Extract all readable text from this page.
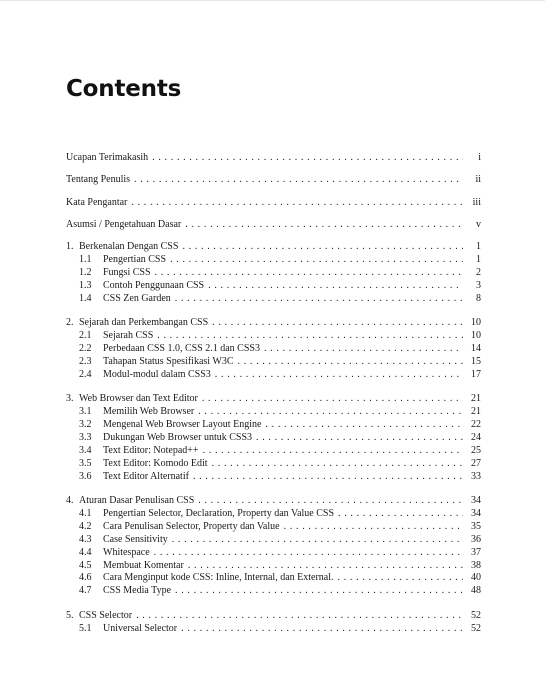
Contents
Ucapan Terimakasih . . .	i
Tentang Penulis . . .	ii
Kata Pengantar . . .	iii
Asumsi / Pengetahuan Dasar . . .	v
1. Berkenalan Dengan CSS . . .	1
1.1	Pengertian CSS . . .	1
1.2	Fungsi CSS . . .	2
1.3	Contoh Penggunaan CSS . . .	3
1.4	CSS Zen Garden . . .	8
2. Sejarah dan Perkembangan CSS . . .	10
2.1	Sejarah CSS . . .	10
2.2	Perbedaan CSS 1.0, CSS 2.1 dan CSS3 . . .	14
2.3	Tahapan Status Spesifikasi W3C . . .	15
2.4	Modul-modul dalam CSS3 . . .	17
3. Web Browser dan Text Editor . . .	21
3.1	Memilih Web Browser . . .	21
3.2	Mengenal Web Browser Layout Engine . . .	22
3.3	Dukungan Web Browser untuk CSS3 . . .	24
3.4	Text Editor: Notepad++ . . .	25
3.5	Text Editor: Komodo Edit . . .	27
3.6	Text Editor Alternatif . . .	33
4. Aturan Dasar Penulisan CSS . . .	34
4.1	Pengertian Selector, Declaration, Property dan Value CSS . . .	34
4.2	Cara Penulisan Selector, Property dan Value . . .	35
4.3	Case Sensitivity . . .	36
4.4	Whitespace . . .	37
4.5	Membuat Komentar . . .	38
4.6	Cara Menginput kode CSS: Inline, Internal, dan External. . . .	40
4.7	CSS Media Type . . .	48
5. CSS Selector . . .	52
5.1	Universal Selector . . .	52
